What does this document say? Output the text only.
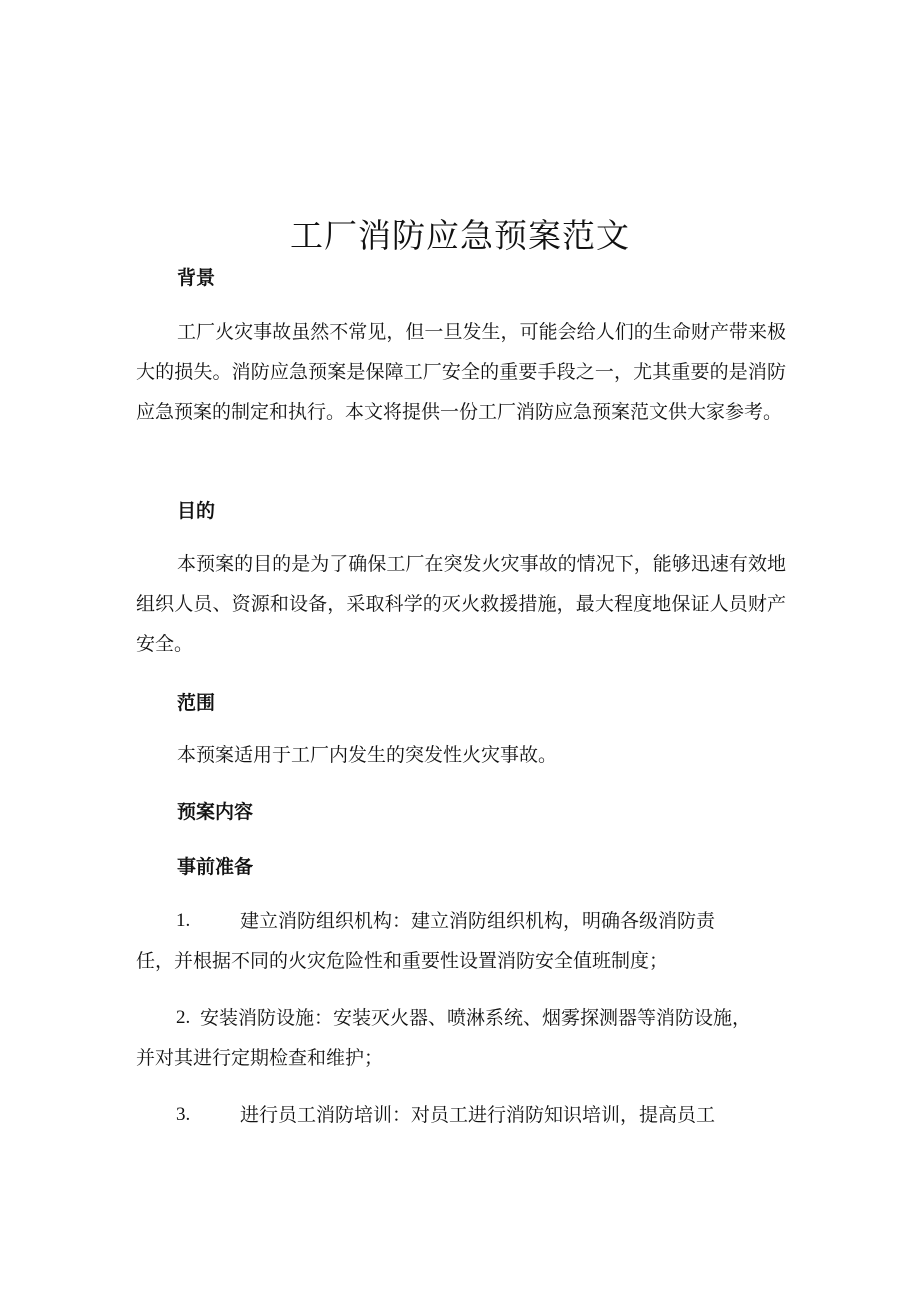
工厂消防应急预案范文
背景
工厂火灾事故虽然不常见，但一旦发生，可能会给人们的生命财产带来极大的损失。消防应急预案是保障工厂安全的重要手段之一，尤其重要的是消防应急预案的制定和执行。本文将提供一份工厂消防应急预案范文供大家参考。
目的
本预案的目的是为了确保工厂在突发火灾事故的情况下，能够迅速有效地组织人员、资源和设备，采取科学的灭火救援措施，最大程度地保证人员财产安全。
范围
本预案适用于工厂内发生的突发性火灾事故。
预案内容
事前准备
1.	建立消防组织机构：建立消防组织机构，明确各级消防责
任，并根据不同的火灾危险性和重要性设置消防安全值班制度；
2. 安装消防设施：安装灭火器、喷淋系统、烟雾探测器等消防设施，
并对其进行定期检查和维护；
3.	进行员工消防培训：对员工进行消防知识培训，提高员工
